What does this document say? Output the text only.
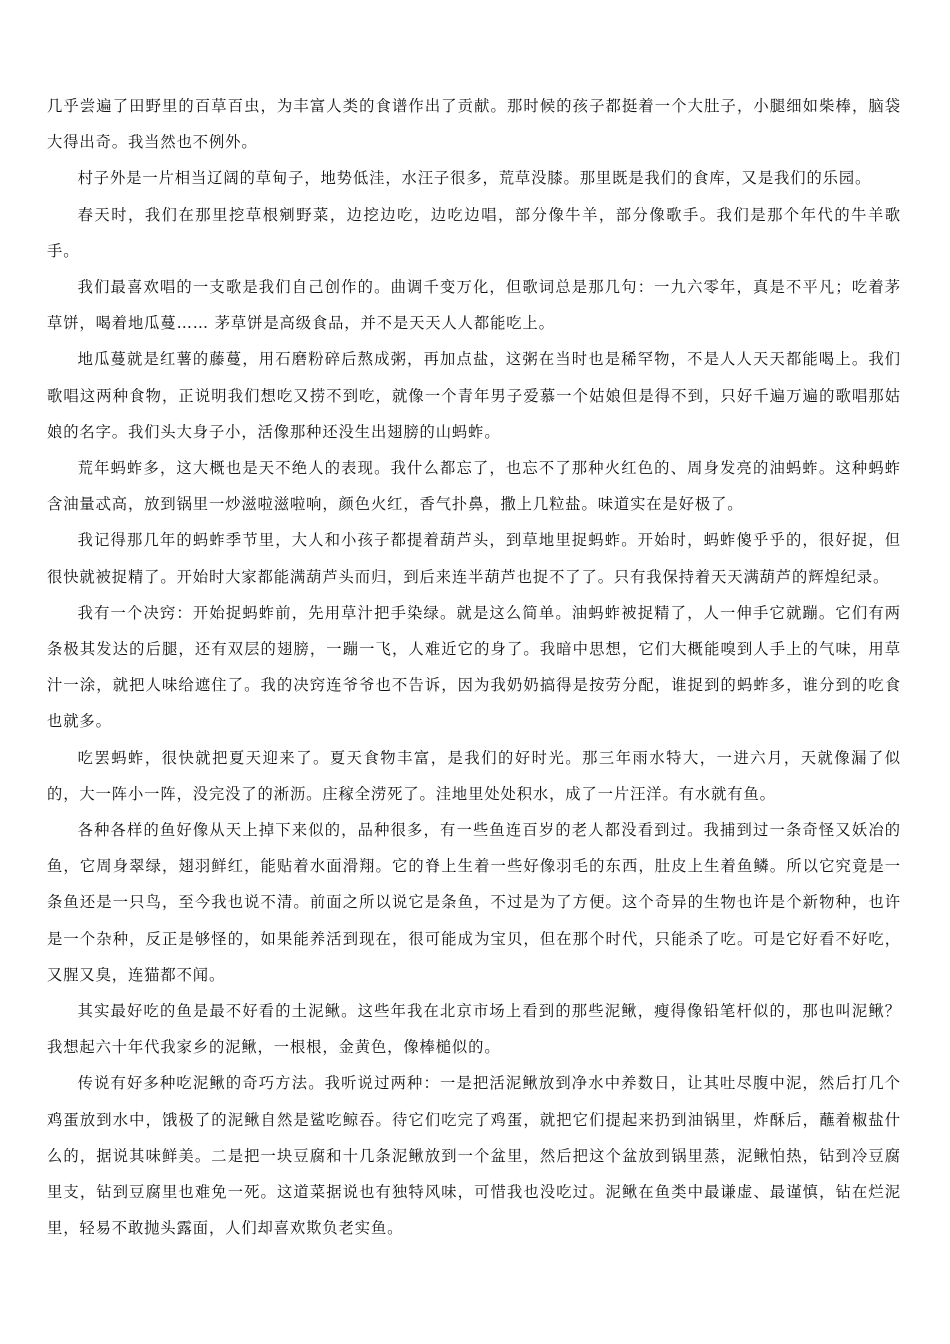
几乎尝遍了田野里的百草百虫，为丰富人类的食谱作出了贡献。那时候的孩子都挺着一个大肚子，小腿细如柴棒，脑袋大得出奇。我当然也不例外。

村子外是一片相当辽阔的草甸子，地势低洼，水汪子很多，荒草没膝。那里既是我们的食库，又是我们的乐园。

春天时，我们在那里挖草根剜野菜，边挖边吃，边吃边唱，部分像牛羊，部分像歌手。我们是那个年代的牛羊歌手。

我们最喜欢唱的一支歌是我们自己创作的。曲调千变万化，但歌词总是那几句：一九六零年，真是不平凡；吃着茅草饼，喝着地瓜蔓…… 茅草饼是高级食品，并不是天天人人都能吃上。

地瓜蔓就是红薯的藤蔓，用石磨粉碎后熬成粥，再加点盐，这粥在当时也是稀罕物，不是人人天天都能喝上。我们歌唱这两种食物，正说明我们想吃又捞不到吃，就像一个青年男子爱慕一个姑娘但是得不到，只好千遍万遍的歌唱那姑娘的名字。我们头大身子小，活像那种还没生出翅膀的山蚂蚱。

荒年蚂蚱多，这大概也是天不绝人的表现。我什么都忘了，也忘不了那种火红色的、周身发亮的油蚂蚱。这种蚂蚱含油量忒高，放到锅里一炒滋啦滋啦响，颜色火红，香气扑鼻，撒上几粒盐。味道实在是好极了。

我记得那几年的蚂蚱季节里，大人和小孩子都提着葫芦头，到草地里捉蚂蚱。开始时，蚂蚱傻乎乎的，很好捉，但很快就被捉精了。开始时大家都能满葫芦头而归，到后来连半葫芦也捉不了了。只有我保持着天天满葫芦的辉煌纪录。

我有一个决窍：开始捉蚂蚱前，先用草汁把手染绿。就是这么简单。油蚂蚱被捉精了，人一伸手它就蹦。它们有两条极其发达的后腿，还有双层的翅膀，一蹦一飞，人难近它的身了。我暗中思想，它们大概能嗅到人手上的气味，用草汁一涂，就把人味给遮住了。我的决窍连爷爷也不告诉，因为我奶奶搞得是按劳分配，谁捉到的蚂蚱多，谁分到的吃食也就多。

吃罢蚂蚱，很快就把夏天迎来了。夏天食物丰富，是我们的好时光。那三年雨水特大，一进六月，天就像漏了似的，大一阵小一阵，没完没了的淅沥。庄稼全涝死了。洼地里处处积水，成了一片汪洋。有水就有鱼。

各种各样的鱼好像从天上掉下来似的，品种很多，有一些鱼连百岁的老人都没看到过。我捕到过一条奇怪又妖冶的鱼，它周身翠绿，翅羽鲜红，能贴着水面滑翔。它的脊上生着一些好像羽毛的东西，肚皮上生着鱼鳞。所以它究竟是一条鱼还是一只鸟，至今我也说不清。前面之所以说它是条鱼，不过是为了方便。这个奇异的生物也许是个新物种，也许是一个杂种，反正是够怪的，如果能养活到现在，很可能成为宝贝，但在那个时代，只能杀了吃。可是它好看不好吃，又腥又臭，连猫都不闻。

其实最好吃的鱼是最不好看的土泥鳅。这些年我在北京市场上看到的那些泥鳅，瘦得像铅笔杆似的，那也叫泥鳅？我想起六十年代我家乡的泥鳅，一根根，金黄色，像棒槌似的。

传说有好多种吃泥鳅的奇巧方法。我听说过两种：一是把活泥鳅放到净水中养数日，让其吐尽腹中泥，然后打几个鸡蛋放到水中，饿极了的泥鳅自然是鲨吃鲸吞。待它们吃完了鸡蛋，就把它们提起来扔到油锅里，炸酥后，蘸着椒盐什么的，据说其味鲜美。二是把一块豆腐和十几条泥鳅放到一个盆里，然后把这个盆放到锅里蒸，泥鳅怕热，钻到冷豆腐里支，钻到豆腐里也难免一死。这道菜据说也有独特风味，可惜我也没吃过。泥鳅在鱼类中最谦虚、最谨慎，钻在烂泥里，轻易不敢抛头露面，人们却喜欢欺负老实鱼。
